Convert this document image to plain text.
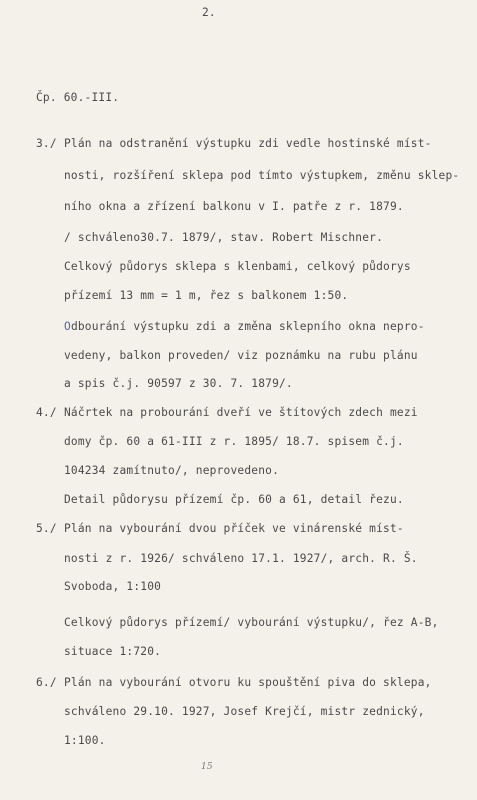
2.
Čp. 60.-III.
3./ Plán na odstranění výstupku zdi vedle hostinské míst-
nosti, rozšíření sklepa pod tímto výstupkem, změnu sklep-
ního okna a zřízení balkonu v I. patře z r. 1879.
/ schváleno30.7. 1879/, stav. Robert Mischner.
Celkový půdorys sklepa s klenbami, celkový půdorys
přízemí 13 mm = 1 m, řez s balkonem 1:50.
Odbourání výstupku zdi a změna sklepního okna nepro-
vedeny, balkon proveden/ viz poznámku na rubu plánu
a spis č.j. 90597 z 30. 7. 1879/.
4./ Náčrtek na probourání dveří ve štítových zdech mezi
domy čp. 60 a 61-III z r. 1895/ 18.7. spisem č.j.
104234 zamítnuto/, neprovedeno.
Detail půdorysu přízemí čp. 60 a 61, detail řezu.
5./ Plán na vybourání dvou příček ve vinárenské míst-
nosti z r. 1926/ schváleno 17.1. 1927/, arch. R. Š.
Svoboda, 1:100
Celkový půdorys přízemí/ vybourání výstupku/, řez A-B,
situace 1:720.
6./ Plán na vybourání otvoru ku spouštění piva do sklepa,
schváleno 29.10. 1927, Josef Krejčí, mistr zednický,
1:100.
15
